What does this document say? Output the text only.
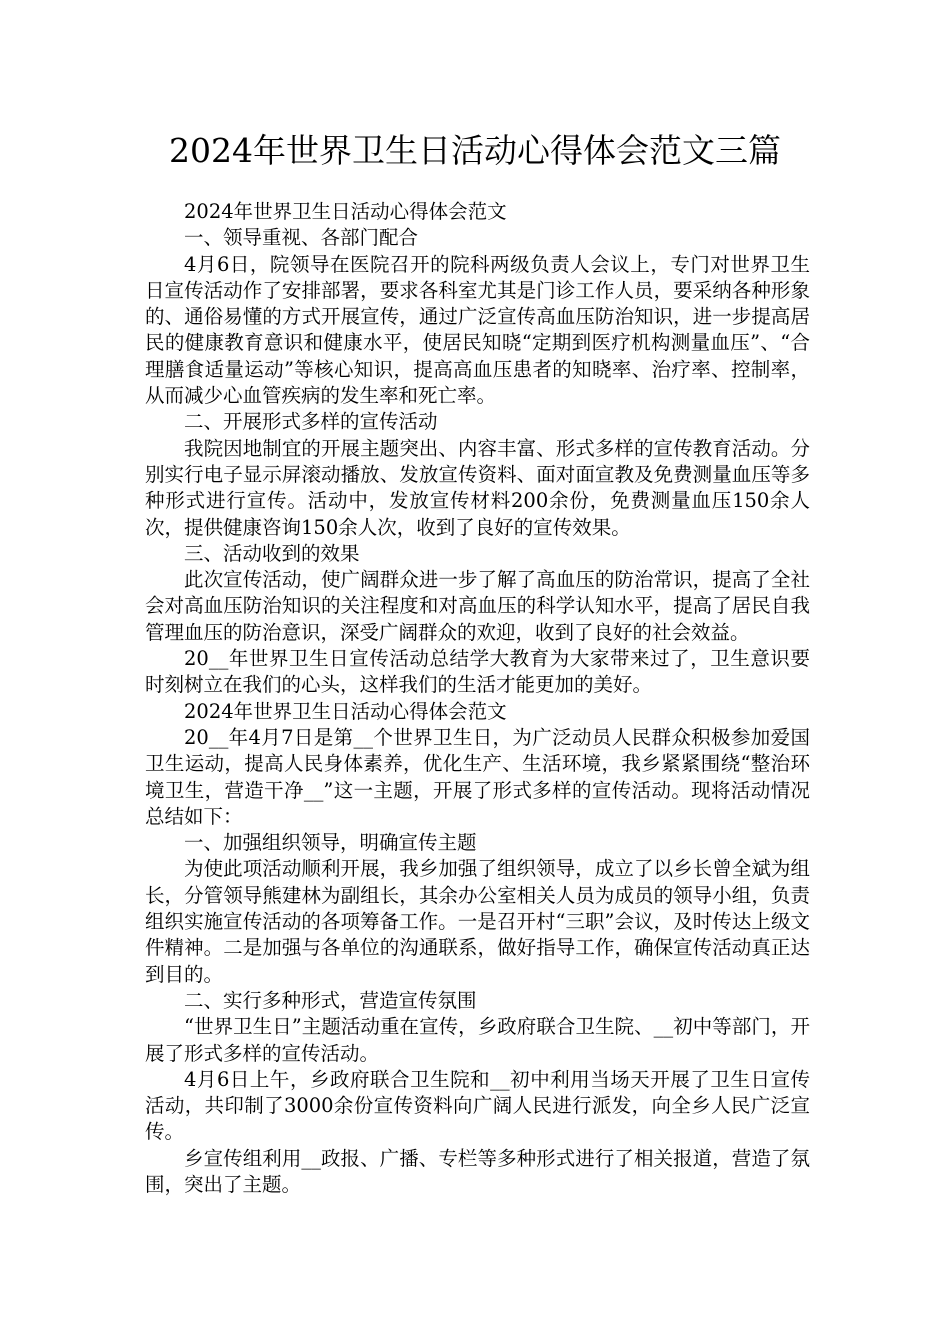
2024年世界卫生日活动心得体会范文三篇

2024年世界卫生日活动心得体会范文

一、领导重视、各部门配合

4月6日，院领导在医院召开的院科两级负责人会议上，专门对世界卫生日宣传活动作了安排部署，要求各科室尤其是门诊工作人员，要采纳各种形象的、通俗易懂的方式开展宣传，通过广泛宣传高血压防治知识，进一步提高居民的健康教育意识和健康水平，使居民知晓“定期到医疗机构测量血压”、“合理膳食适量运动”等核心知识，提高高血压患者的知晓率、治疗率、控制率，从而减少心血管疾病的发生率和死亡率。

二、开展形式多样的宣传活动

我院因地制宜的开展主题突出、内容丰富、形式多样的宣传教育活动。分别实行电子显示屏滚动播放、发放宣传资料、面对面宣教及免费测量血压等多种形式进行宣传。活动中，发放宣传材料200余份，免费测量血压150余人次，提供健康咨询150余人次，收到了良好的宣传效果。

三、活动收到的效果

此次宣传活动，使广阔群众进一步了解了高血压的防治常识，提高了全社会对高血压防治知识的关注程度和对高血压的科学认知水平，提高了居民自我管理血压的防治意识，深受广阔群众的欢迎，收到了良好的社会效益。

20__年世界卫生日宣传活动总结学大教育为大家带来过了，卫生意识要时刻树立在我们的心头，这样我们的生活才能更加的美好。

2024年世界卫生日活动心得体会范文

20__年4月7日是第__个世界卫生日，为广泛动员人民群众积极参加爱国卫生运动，提高人民身体素养，优化生产、生活环境，我乡紧紧围绕“整治环境卫生，营造干净__”这一主题，开展了形式多样的宣传活动。现将活动情况总结如下：

一、加强组织领导，明确宣传主题

为使此项活动顺利开展，我乡加强了组织领导，成立了以乡长曾全斌为组长，分管领导熊建林为副组长，其余办公室相关人员为成员的领导小组，负责组织实施宣传活动的各项筹备工作。一是召开村“三职”会议，及时传达上级文件精神。二是加强与各单位的沟通联系，做好指导工作，确保宣传活动真正达到目的。

二、实行多种形式，营造宣传氛围

“世界卫生日”主题活动重在宣传，乡政府联合卫生院、__初中等部门，开展了形式多样的宣传活动。

4月6日上午，乡政府联合卫生院和__初中利用当场天开展了卫生日宣传活动，共印制了3000余份宣传资料向广阔人民进行派发，向全乡人民广泛宣传。

乡宣传组利用__政报、广播、专栏等多种形式进行了相关报道，营造了氛围，突出了主题。
